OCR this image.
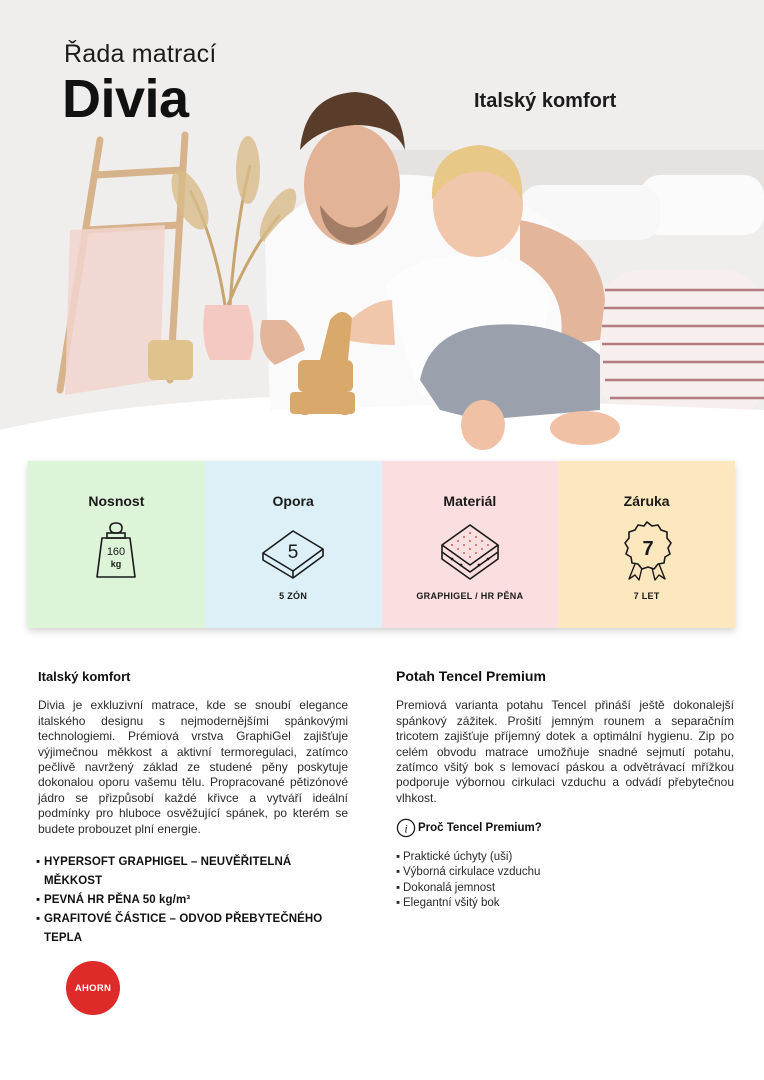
Řada matrací
Divia	Italský komfort
Nosnost
160
kg
Opora
5
5 ZÓN
Materiál
GRAPHIGEL / HR PĚNA
Záruka
7
7 LET
Italský komfort

Divia je exkluzivní matrace, kde se snoubí elegance italského designu s nejmodernějšími spánkovými technologiemi. Prémiová vrstva GraphiGel zajišťuje výjimečnou měkkost a aktivní termoregulaci, zatímco pečlivě navržený základ ze studené pěny poskytuje dokonalou oporu vašemu tělu. Propracované pětizónové jádro se přizpůsobí každé křivce a vytváří ideální podmínky pro hluboce osvěžující spánek, po kterém se budete probouzet plní energie.

▪ HYPERSOFT GRAPHIGEL – NEUVĚŘITELNÁ MĚKKOST
▪ PEVNÁ HR PĚNA 50 kg/m³
▪ GRAFITOVÉ ČÁSTICE – ODVOD PŘEBYTEČNÉHO TEPLA
Potah Tencel Premium

Premiová varianta potahu Tencel přináší ještě dokonalejší spánkový zážitek. Prošití jemným rounem a separačním tricotem zajišťuje příjemný dotek a optimální hygienu. Zip po celém obvodu matrace umožňuje snadné sejmutí potahu, zatímco všitý bok s lemovací páskou a odvětrávací mřížkou podporuje výbornou cirkulaci vzduchu a odvádí přebytečnou vlhkost.

i Proč Tencel Premium?
▪ Praktické úchyty (uši)
▪ Výborná cirkulace vzduchu
▪ Dokonalá jemnost
▪ Elegantní všitý bok
AHORN
